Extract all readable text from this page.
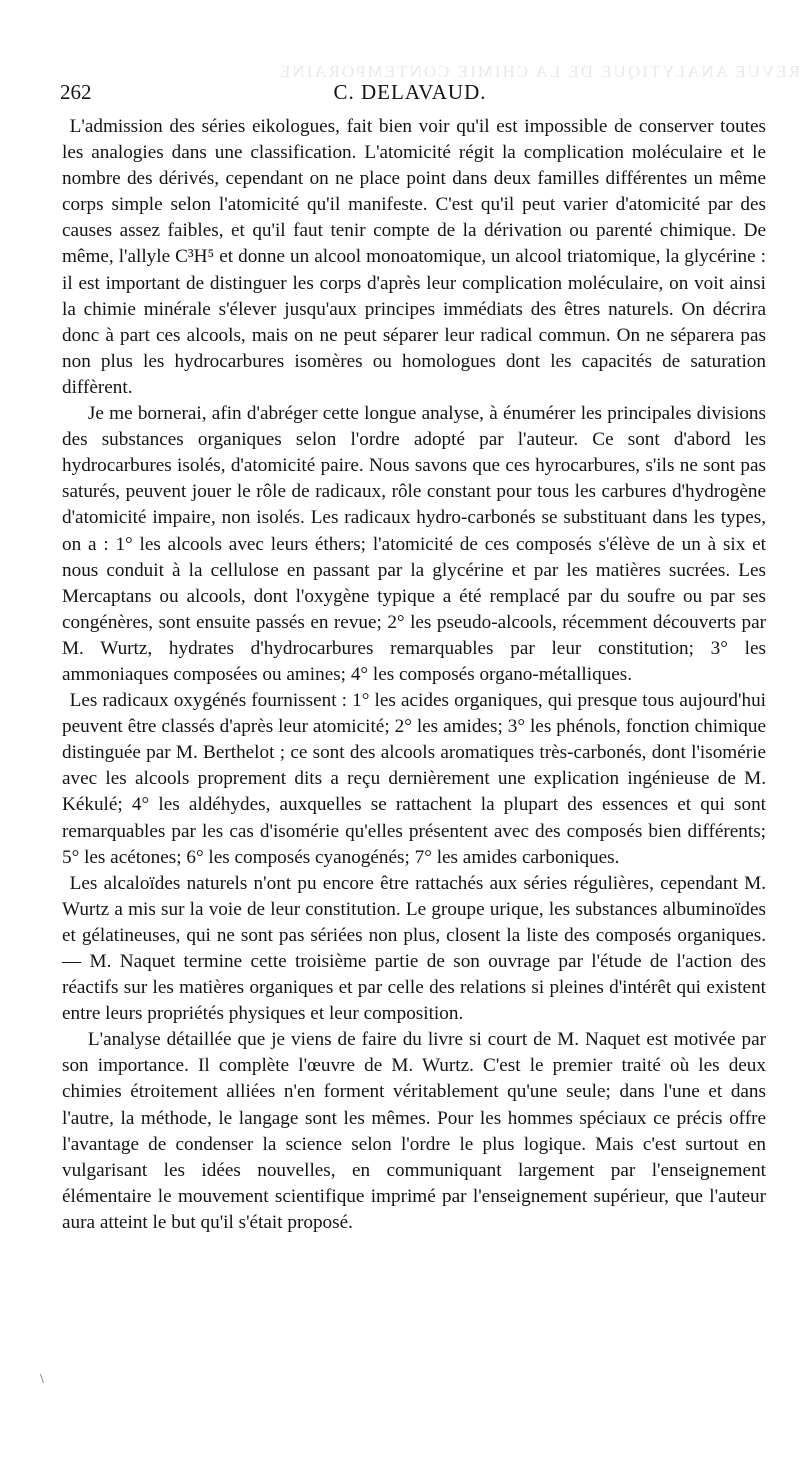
REVUE ANALYTIQUE DE LA CHIMIE CONTEMPORAINE
262	C. DELAVAUD.

L'admission des séries eikologues, fait bien voir qu'il est impossible de conserver toutes les analogies dans une classification. L'atomicité régit la complication moléculaire et le nombre des dérivés, cependant on ne place point dans deux familles différentes un même corps simple selon l'atomicité qu'il manifeste. C'est qu'il peut varier d'atomicité par des causes assez faibles, et qu'il faut tenir compte de la dérivation ou parenté chimique. De même, l'allyle C³H⁵ et donne un alcool monoatomique, un alcool triatomique, la glycérine : il est important de distinguer les corps d'après leur complication moléculaire, on voit ainsi la chimie minérale s'élever jusqu'aux principes immédiats des êtres naturels. On décrira donc à part ces alcools, mais on ne peut séparer leur radical commun. On ne séparera pas non plus les hydrocarbures isomères ou homologues dont les capacités de saturation diffèrent.

Je me bornerai, afin d'abréger cette longue analyse, à énumérer les principales divisions des substances organiques selon l'ordre adopté par l'auteur. Ce sont d'abord les hydrocarbures isolés, d'atomicité paire. Nous savons que ces hyrocarbures, s'ils ne sont pas saturés, peuvent jouer le rôle de radicaux, rôle constant pour tous les carbures d'hydrogène d'atomicité impaire, non isolés. Les radicaux hydro-carbonés se substituant dans les types, on a : 1° les alcools avec leurs éthers; l'atomicité de ces composés s'élève de un à six et nous conduit à la cellulose en passant par la glycérine et par les matières sucrées. Les Mercaptans ou alcools, dont l'oxygène typique a été remplacé par du soufre ou par ses congénères, sont ensuite passés en revue; 2° les pseudo-alcools, récemment découverts par M. Wurtz, hydrates d'hydrocarbures remarquables par leur constitution; 3° les ammoniaques composées ou amines; 4° les composés organo-métalliques.

Les radicaux oxygénés fournissent : 1° les acides organiques, qui presque tous aujourd'hui peuvent être classés d'après leur atomicité; 2° les amides; 3° les phénols, fonction chimique distinguée par M. Berthelot ; ce sont des alcools aromatiques très-carbonés, dont l'isomérie avec les alcools proprement dits a reçu dernièrement une explication ingénieuse de M. Kékulé; 4° les aldéhydes, auxquelles se rattachent la plupart des essences et qui sont remarquables par les cas d'isomérie qu'elles présentent avec des composés bien différents; 5° les acétones; 6° les composés cyanogénés; 7° les amides carboniques.

Les alcaloïdes naturels n'ont pu encore être rattachés aux séries régulières, cependant M. Wurtz a mis sur la voie de leur constitution. Le groupe urique, les substances albuminoïdes et gélatineuses, qui ne sont pas sériées non plus, closent la liste des composés organiques. — M. Naquet termine cette troisième partie de son ouvrage par l'étude de l'action des réactifs sur les matières organiques et par celle des relations si pleines d'intérêt qui existent entre leurs propriétés physiques et leur composition.

L'analyse détaillée que je viens de faire du livre si court de M. Naquet est motivée par son importance. Il complète l'œuvre de M. Wurtz. C'est le premier traité où les deux chimies étroitement alliées n'en forment véritablement qu'une seule; dans l'une et dans l'autre, la méthode, le langage sont les mêmes. Pour les hommes spéciaux ce précis offre l'avantage de condenser la science selon l'ordre le plus logique. Mais c'est surtout en vulgarisant les idées nouvelles, en communiquant largement par l'enseignement élémentaire le mouvement scientifique imprimé par l'enseignement supérieur, que l'auteur aura atteint le but qu'il s'était proposé.

\
